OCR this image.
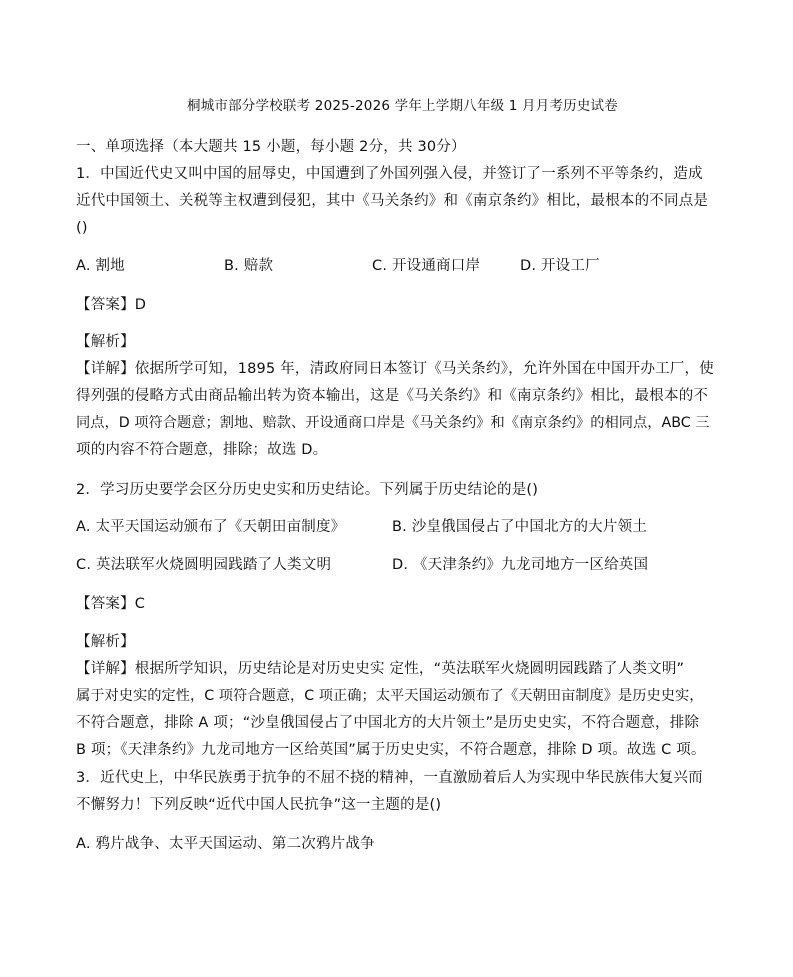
桐城市部分学校联考 2025-2026 学年上学期八年级 1 月月考历史试卷
一、单项选择（本大题共 15 小题，每小题 2分，共 30分）
1．中国近代史又叫中国的屈辱史，中国遭到了外国列强入侵，并签订了一系列不平等条约，造成
近代中国领土、关税等主权遭到侵犯，其中《马关条约》和《南京条约》相比，最根本的不同点是
()
A. 割地	B. 赔款	C. 开设通商口岸	D. 开设工厂
【答案】D
【解析】
【详解】依据所学可知，1895 年，清政府同日本签订《马关条约》，允许外国在中国开办工厂，使
得列强的侵略方式由商品输出转为资本输出，这是《马关条约》和《南京条约》相比，最根本的不
同点，D 项符合题意；割地、赔款、开设通商口岸是《马关条约》和《南京条约》的相同点，ABC 三
项的内容不符合题意，排除；故选 D。
2．学习历史要学会区分历史史实和历史结论。下列属于历史结论的是()
A. 太平天国运动颁布了《天朝田亩制度》	B. 沙皇俄国侵占了中国北方的大片领土
C. 英法联军火烧圆明园践踏了人类文明	D. 《天津条约》九龙司地方一区给英国
【答案】C
【解析】
【详解】根据所学知识，历史结论是对历史史实 定性，“英法联军火烧圆明园践踏了人类文明”
属于对史实的定性，C 项符合题意，C 项正确；太平天国运动颁布了《天朝田亩制度》是历史史实，
不符合题意，排除 A 项；“沙皇俄国侵占了中国北方的大片领土”是历史史实，不符合题意，排除
B 项；《天津条约》九龙司地方一区给英国”属于历史史实，不符合题意，排除 D 项。故选 C 项。
3．近代史上，中华民族勇于抗争的不屈不挠的精神，一直激励着后人为实现中华民族伟大复兴而
不懈努力！下列反映“近代中国人民抗争”这一主题的是()
A. 鸦片战争、太平天国运动、第二次鸦片战争
